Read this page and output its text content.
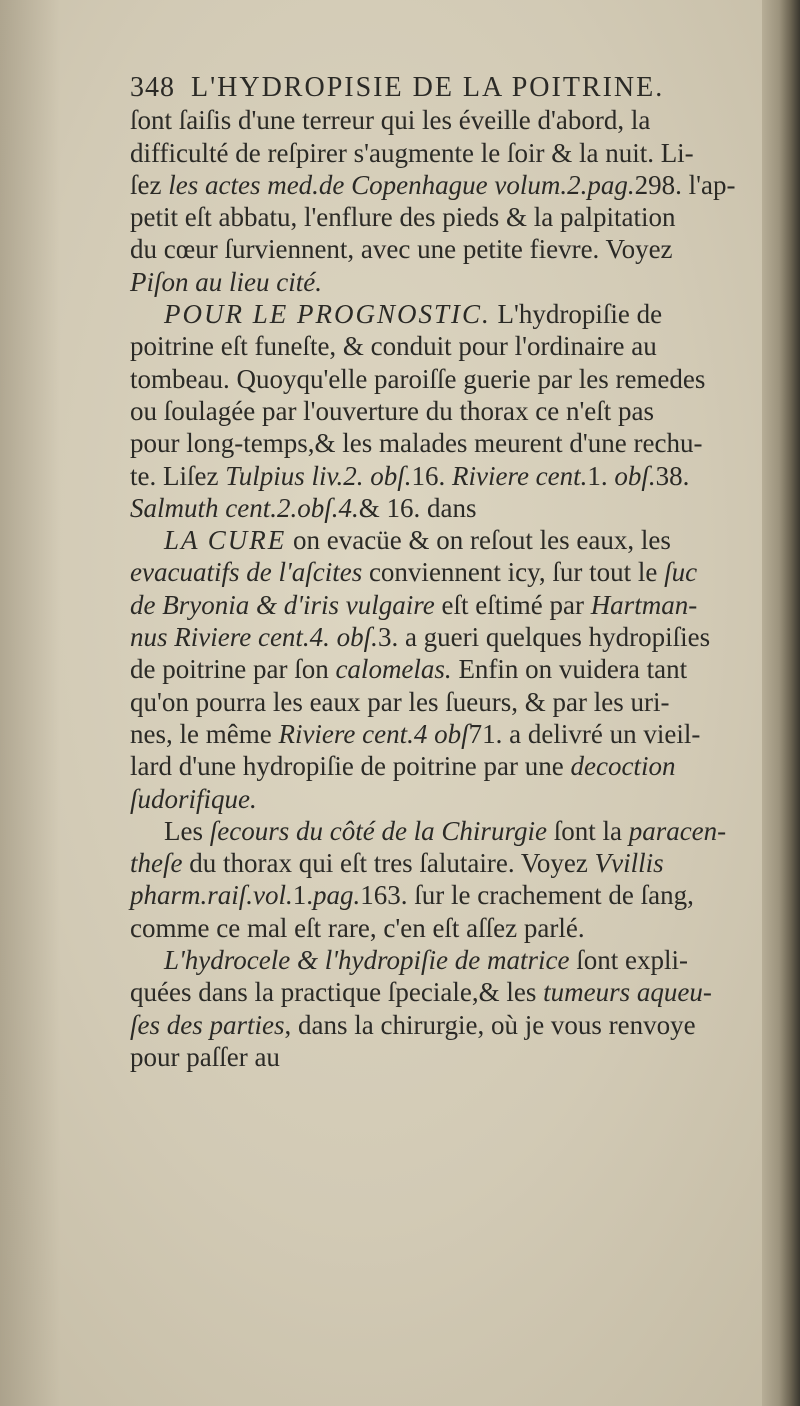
348 L'HYDROPISIE DE LA POITRINE.
ſont ſaiſis d'une terreur qui les éveille d'abord, la
difficulté de reſpirer s'augmente le ſoir & la nuit. Li-
ſez les actes med.de Copenhague volum.2.pag.298. l'ap-
petit eſt abbatu, l'enflure des pieds & la palpitation
du cœur ſurviennent, avec une petite fievre. Voyez
Piſon au lieu cité.
POUR LE PROGNOSTIC. L'hydropiſie de
poitrine eſt funeſte, & conduit pour l'ordinaire au
tombeau. Quoyqu'elle paroiſſe guerie par les remedes
ou ſoulagée par l'ouverture du thorax ce n'eſt pas
pour long-temps,& les malades meurent d'une rechu-
te. Liſez Tulpius liv.2. obſ.16. Riviere cent.1. obſ.38.
Salmuth cent.2.obſ.4.& 16. dans
LA CURE on evacüe & on reſout les eaux, les
evacuatifs de l'aſcites conviennent icy, ſur tout le ſuc
de Bryonia & d'iris vulgaire eſt eſtimé par Hartman-
nus Riviere cent.4. obſ.3. a gueri quelques hydropiſies
de poitrine par ſon calomelas. Enfin on vuidera tant
qu'on pourra les eaux par les ſueurs, & par les uri-
nes, le même Riviere cent.4 obſ71. a delivré un vieil-
lard d'une hydropiſie de poitrine par une decoction
ſudorifique.
Les ſecours du côté de la Chirurgie ſont la paracen-
theſe du thorax qui eſt tres ſalutaire. Voyez Vvillis
pharm.raiſ.vol.1.pag.163. ſur le crachement de ſang,
comme ce mal eſt rare, c'en eſt aſſez parlé.
L'hydrocele & l'hydropiſie de matrice ſont expli-
quées dans la practique ſpeciale,& les tumeurs aqueu-
ſes des parties, dans la chirurgie, où je vous renvoye
pour paſſer au
